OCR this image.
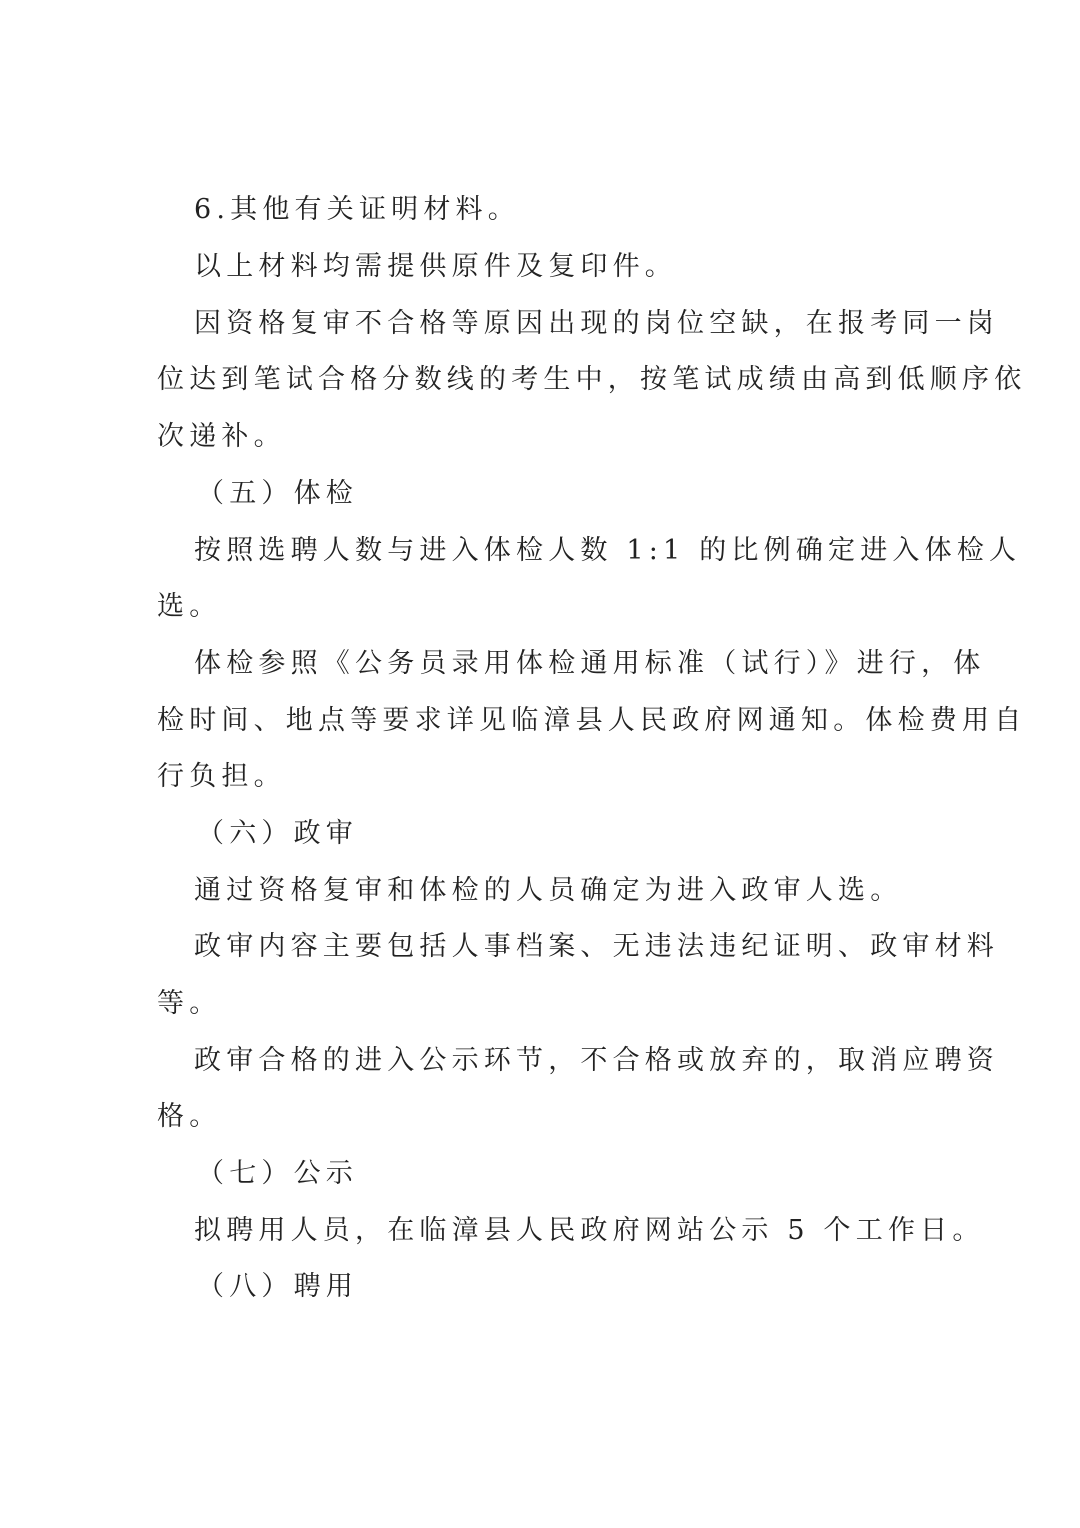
6.其他有关证明材料。
以上材料均需提供原件及复印件。
因资格复审不合格等原因出现的岗位空缺，在报考同一岗
位达到笔试合格分数线的考生中，按笔试成绩由高到低顺序依
次递补。
（五）体检
按照选聘人数与进入体检人数 1:1 的比例确定进入体检人
选。
体检参照《公务员录用体检通用标准（试行）》进行，体
检时间、地点等要求详见临漳县人民政府网通知。体检费用自
行负担。
（六）政审
通过资格复审和体检的人员确定为进入政审人选。
政审内容主要包括人事档案、无违法违纪证明、政审材料
等。
政审合格的进入公示环节，不合格或放弃的，取消应聘资
格。
（七）公示
拟聘用人员，在临漳县人民政府网站公示 5 个工作日。
（八）聘用
